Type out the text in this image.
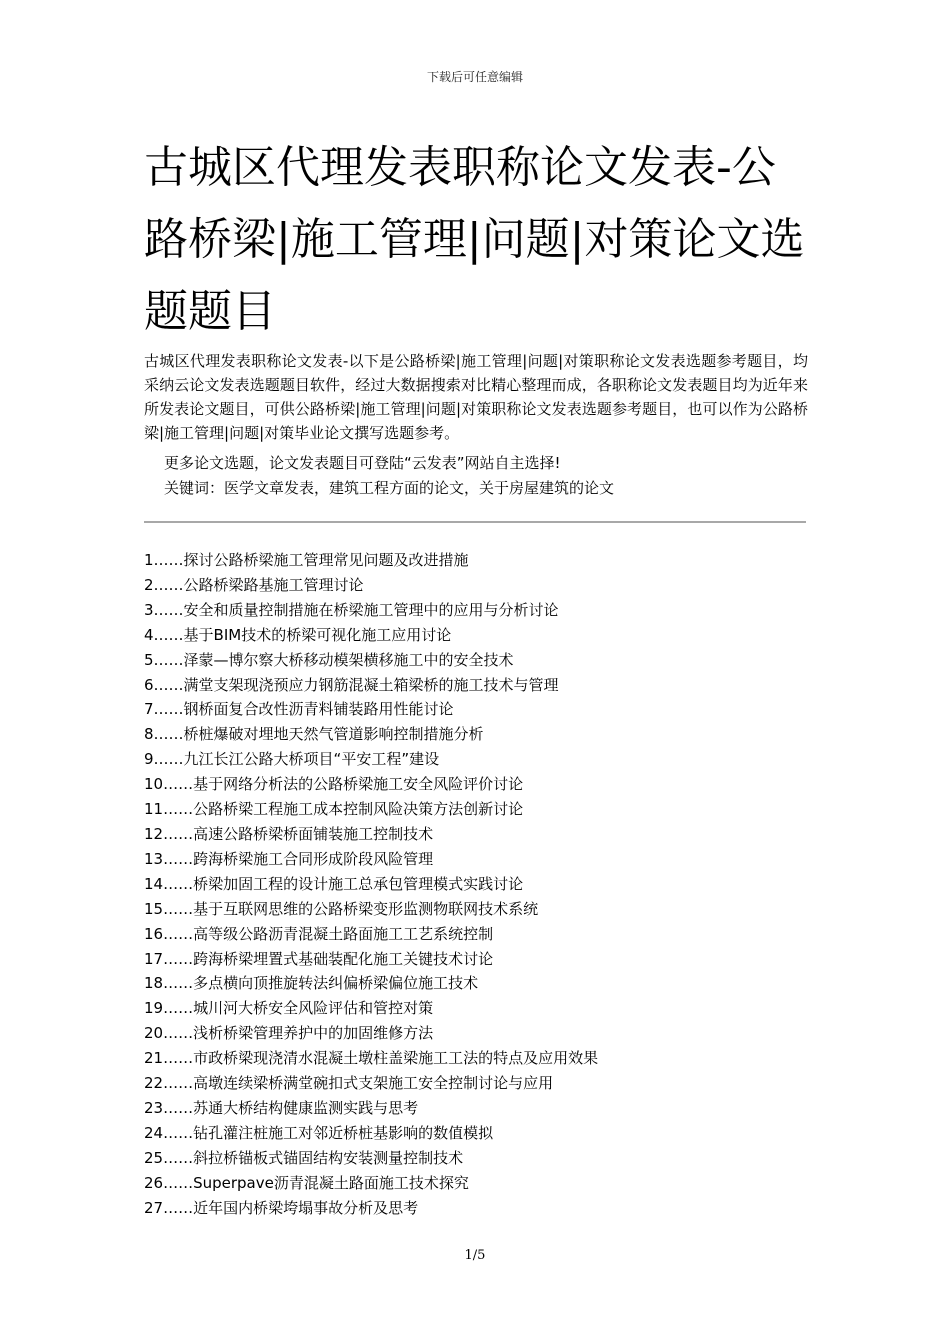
下载后可任意编辑
古城区代理发表职称论文发表-公路桥梁|施工管理|问题|对策论文选题题目

古城区代理发表职称论文发表-以下是公路桥梁|施工管理|问题|对策职称论文发表选题参考题目，均采纳云论文发表选题题目软件，经过大数据搜索对比精心整理而成，各职称论文发表题目均为近年来所发表论文题目，可供公路桥梁|施工管理|问题|对策职称论文发表选题参考题目，也可以作为公路桥梁|施工管理|问题|对策毕业论文撰写选题参考。

更多论文选题，论文发表题目可登陆“云发表”网站自主选择!

关键词：医学文章发表，建筑工程方面的论文，关于房屋建筑的论文

1……探讨公路桥梁施工管理常见问题及改进措施
2……公路桥梁路基施工管理讨论
3……安全和质量控制措施在桥梁施工管理中的应用与分析讨论
4……基于BIM技术的桥梁可视化施工应用讨论
5……泽蒙—博尔察大桥移动模架横移施工中的安全技术
6……满堂支架现浇预应力钢筋混凝土箱梁桥的施工技术与管理
7……钢桥面复合改性沥青料铺装路用性能讨论
8……桥桩爆破对埋地天然气管道影响控制措施分析
9……九江长江公路大桥项目“平安工程”建设
10……基于网络分析法的公路桥梁施工安全风险评价讨论
11……公路桥梁工程施工成本控制风险决策方法创新讨论
12……高速公路桥梁桥面铺装施工控制技术
13……跨海桥梁施工合同形成阶段风险管理
14……桥梁加固工程的设计施工总承包管理模式实践讨论
15……基于互联网思维的公路桥梁变形监测物联网技术系统
16……高等级公路沥青混凝土路面施工工艺系统控制
17……跨海桥梁埋置式基础装配化施工关键技术讨论
18……多点横向顶推旋转法纠偏桥梁偏位施工技术
19……城川河大桥安全风险评估和管控对策
20……浅析桥梁管理养护中的加固维修方法
21……市政桥梁现浇清水混凝土墩柱盖梁施工工法的特点及应用效果
22……高墩连续梁桥满堂碗扣式支架施工安全控制讨论与应用
23……苏通大桥结构健康监测实践与思考
24……钻孔灌注桩施工对邻近桥桩基影响的数值模拟
25……斜拉桥锚板式锚固结构安装测量控制技术
26……Superpave沥青混凝土路面施工技术探究
27……近年国内桥梁垮塌事故分析及思考
1/5
